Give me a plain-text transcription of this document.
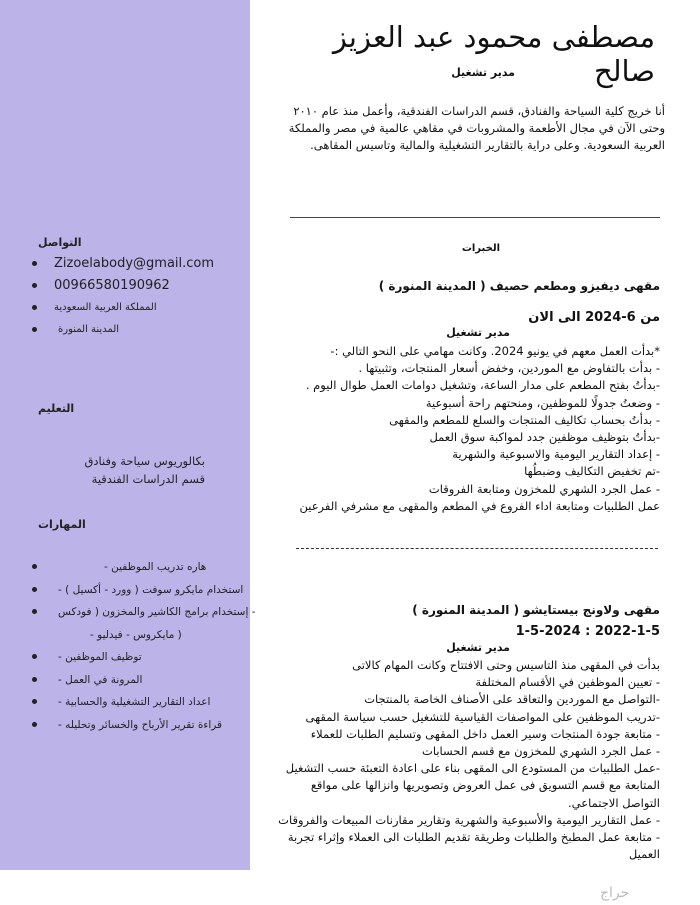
التواصل
Zizoelabody@gmail.com
00966580190962
المملكة العربية السعودية
المدينة المنورة
التعليم
بكالوريوس سياحة وفنادق
قسم الدراسات الفندقية
المهارات
- هاره تدريب الموظفين
- استخدام مايكرو سوفت ( وورد - أكسيل )
إستخدام برامج الكاشير والمخزون ( فودكس -
- مايكروس - فيدليو )
- توظيف الموظفين
- المرونة في العمل
- اعداد التقارير التشغيلية والحسابية
- قراءة تقرير الأرباح والخسائر وتحليله
مصطفى محمود عبد العزيز صالح
مدير تشغيل
أنا خريج كلية السياحة والفنادق، قسم الدراسات الفندقية، وأعمل منذ عام ٢٠١٠
وحتى الآن في مجال الأطعمة والمشروبات في مقاهي عالمية في مصر والمملكة
العربية السعودية. وعلى دراية بالتقارير التشغيلية والمالية وتاسيس المقاهى.
الخبرات
مقهى ديفيزو ومطعم حصيف ( المدينة المنورة )
من 6-2024 الى الان
مدير تشغيل
*بدأت العمل معهم في يونيو 2024. وكانت مهامي على النحو التالي :-
- بدأت بالتفاوض مع الموردين، وخفض أسعار المنتجات، وتثبيتها .
-بدأتُ بفتح المطعم على مدار الساعة، وتشغيل دوامات العمل طوال اليوم .
- وضعتُ جدولًا للموظفين، ومنحتهم راحة أسبوعية
- بدأتُ بحساب تكاليف المنتجات والسلع للمطعم والمقهى
-بدأتُ بتوظيف موظفين جدد لمواكبة سوق العمل
- إعداد التقارير اليومية والاسبوعية والشهرية
-تم تخفيض التكاليف وضبطُها
- عمل الجرد الشهري للمخزون ومتابعة الفروقات
عمل الطلبيات ومتابعة اداء الفروع في المطعم والمقهى مع مشرفي الفرعين
مقهى ولاونج بيستايشو ( المدينة المنورة )
2022-1-5 : 1-5-2024
مدير تشغيل
بدأت في المقهى منذ التاسيس وحتى الافتتاح وكانت المهام كالاتى
- تعيين الموظفين في الأقسام المختلفة
-التواصل مع الموردين والتعاقد على الأصناف الخاصة بالمنتجات
-تدريب الموظفين على المواصفات القياسية للتشغيل حسب سياسة المقهى
- متابعة جودة المنتجات وسير العمل داخل المقهى وتسليم الطلبات للعملاء
- عمل الجرد الشهري للمخزون مع قسم الحسابات
-عمل الطلبيات من المستودع الى المقهى بناء على اعادة التعبئة حسب التشغيل
المتابعة مع قسم التسويق فى عمل العروض وتصويريها وانزالها على مواقع
التواصل الاجتماعي.
- عمل التقارير اليومية والأسبوعية والشهرية وتقارير مقارنات المبيعات والفروقات
- متابعة عمل المطبخ والطلبات وطريقة تقديم الطلبات الى العملاء وإثراء تجربة
العميل
حراج
